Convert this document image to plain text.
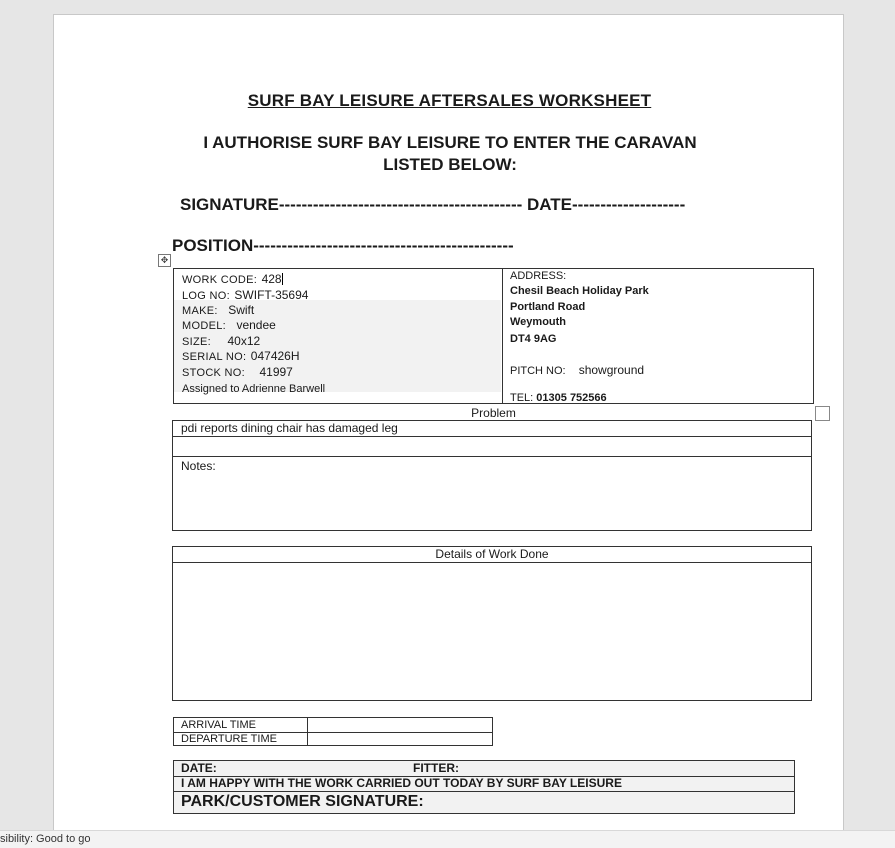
SURF BAY LEISURE AFTERSALES WORKSHEET
I AUTHORISE SURF BAY LEISURE TO ENTER THE CARAVAN
LISTED BELOW:
SIGNATURE------------------------------------------- DATE--------------------
POSITION----------------------------------------------
✥
WORK CODE: 428
LOG NO: SWIFT-35694
MAKE: Swift
MODEL: vendee
SIZE: 40x12
SERIAL NO: 047426H
STOCK NO: 41997
Assigned to Adrienne Barwell
ADDRESS:
Chesil Beach Holiday Park
Portland Road
Weymouth
DT4 9AG
PITCH NO: showground
TEL: 01305 752566
Problem
pdi reports dining chair has damaged leg
Notes:
Details of Work Done
ARRIVAL TIME
DEPARTURE TIME
DATE:	FITTER:
I AM HAPPY WITH THE WORK CARRIED OUT TODAY BY SURF BAY LEISURE
PARK/CUSTOMER SIGNATURE:
sibility: Good to go
